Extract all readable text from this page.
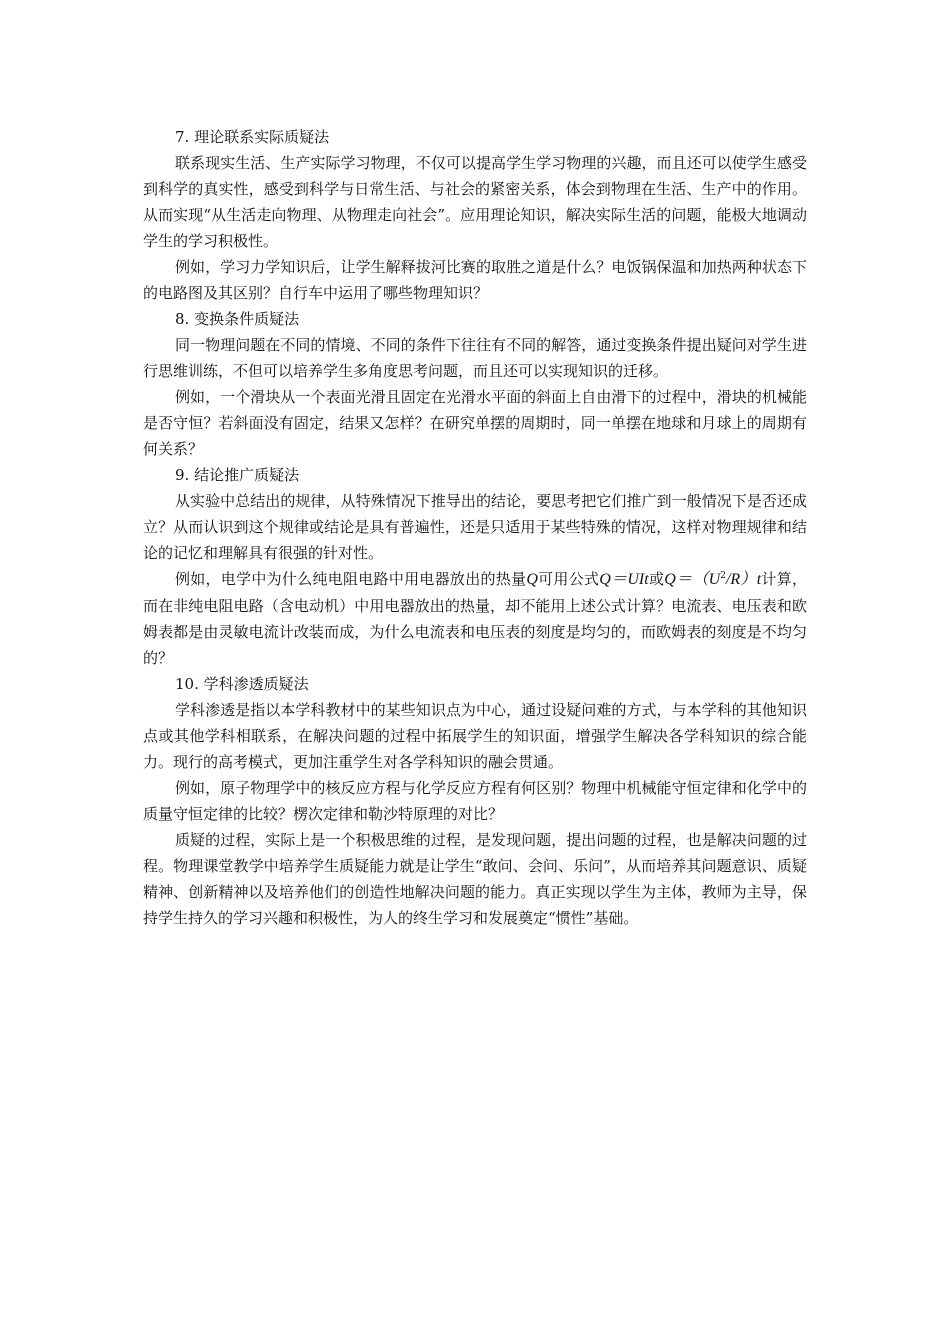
7. 理论联系实际质疑法

联系现实生活、生产实际学习物理，不仅可以提高学生学习物理的兴趣，而且还可以使学生感受到科学的真实性，感受到科学与日常生活、与社会的紧密关系，体会到物理在生活、生产中的作用。从而实现“从生活走向物理、从物理走向社会”。应用理论知识，解决实际生活的问题，能极大地调动学生的学习积极性。

例如，学习力学知识后，让学生解释拔河比赛的取胜之道是什么？电饭锅保温和加热两种状态下的电路图及其区别？自行车中运用了哪些物理知识？

8. 变换条件质疑法

同一物理问题在不同的情境、不同的条件下往往有不同的解答，通过变换条件提出疑问对学生进行思维训练，不但可以培养学生多角度思考问题，而且还可以实现知识的迁移。

例如，一个滑块从一个表面光滑且固定在光滑水平面的斜面上自由滑下的过程中，滑块的机械能是否守恒？若斜面没有固定，结果又怎样？在研究单摆的周期时，同一单摆在地球和月球上的周期有何关系？

9. 结论推广质疑法

从实验中总结出的规律，从特殊情况下推导出的结论，要思考把它们推广到一般情况下是否还成立？从而认识到这个规律或结论是具有普遍性，还是只适用于某些特殊的情况，这样对物理规律和结论的记忆和理解具有很强的针对性。

例如，电学中为什么纯电阻电路中用电器放出的热量Q可用公式Q＝UIt或$Q=(U^2/R)t$计算，而在非纯电阻电路（含电动机）中用电器放出的热量，却不能用上述公式计算？电流表、电压表和欧姆表都是由灵敏电流计改装而成，为什么电流表和电压表的刻度是均匀的，而欧姆表的刻度是不均匀的？

10. 学科渗透质疑法

学科渗透是指以本学科教材中的某些知识点为中心，通过设疑问难的方式，与本学科的其他知识点或其他学科相联系，在解决问题的过程中拓展学生的知识面，增强学生解决各学科知识的综合能力。现行的高考模式，更加注重学生对各学科知识的融会贯通。

例如，原子物理学中的核反应方程与化学反应方程有何区别？物理中机械能守恒定律和化学中的质量守恒定律的比较？楞次定律和勒沙特原理的对比？

质疑的过程，实际上是一个积极思维的过程，是发现问题，提出问题的过程，也是解决问题的过程。物理课堂教学中培养学生质疑能力就是让学生“敢问、会问、乐问”，从而培养其问题意识、质疑精神、创新精神以及培养他们的创造性地解决问题的能力。真正实现以学生为主体，教师为主导，保持学生持久的学习兴趣和积极性，为人的终生学习和发展奠定“惯性”基础。
